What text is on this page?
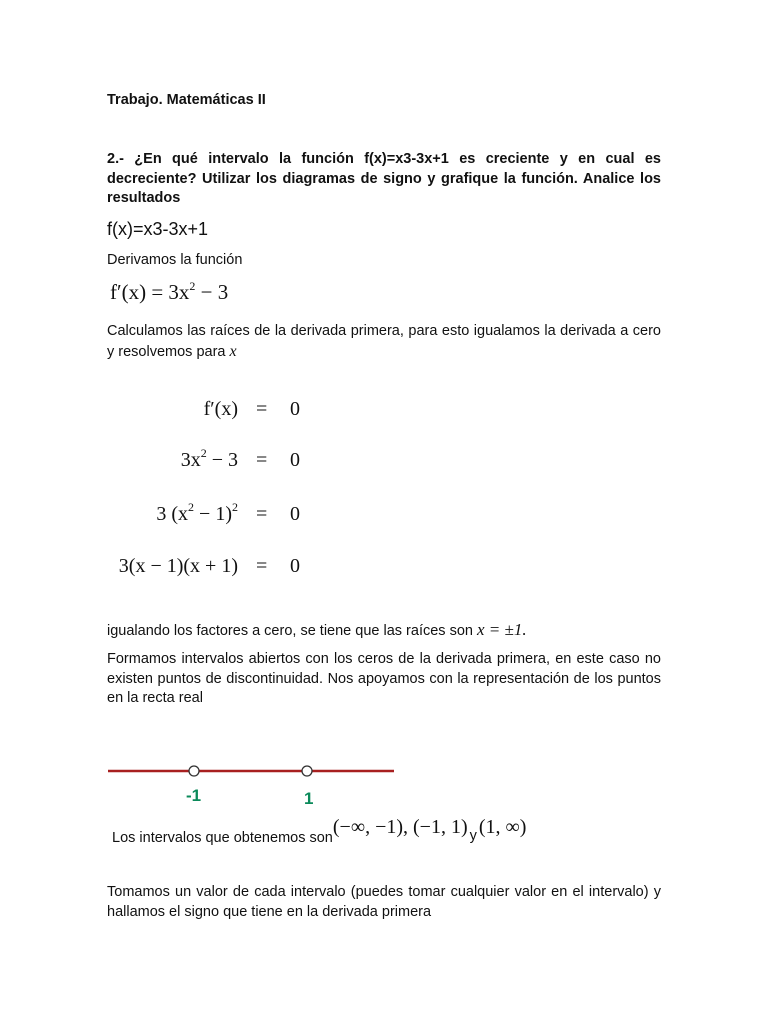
Trabajo. Matemáticas II
2.- ¿En qué intervalo la función f(x)=x3-3x+1 es creciente y en cual es decreciente? Utilizar los diagramas de signo y grafique la función. Analice los resultados
f(x)=x3-3x+1
Derivamos la función
$f'(x) = 3x^2 - 3$
Calculamos las raíces de la derivada primera, para esto igualamos la derivada a cero y resolvemos para x
f′(x) = 0
$3x^2 - 3 = 0$
3 $(x^2 - 1)^2 = 0$
3(x − 1)(x + 1) = 0
igualando los factores a cero, se tiene que las raíces son x = ±1.
Formamos intervalos abiertos con los ceros de la derivada primera, en este caso no existen puntos de discontinuidad. Nos apoyamos con la representación de los puntos en la recta real
-1	1
Los intervalos que obtenemos son(−∞, −1), (−1, 1) y (1, ∞)
Tomamos un valor de cada intervalo (puedes tomar cualquier valor en el intervalo) y hallamos el signo que tiene en la derivada primera
